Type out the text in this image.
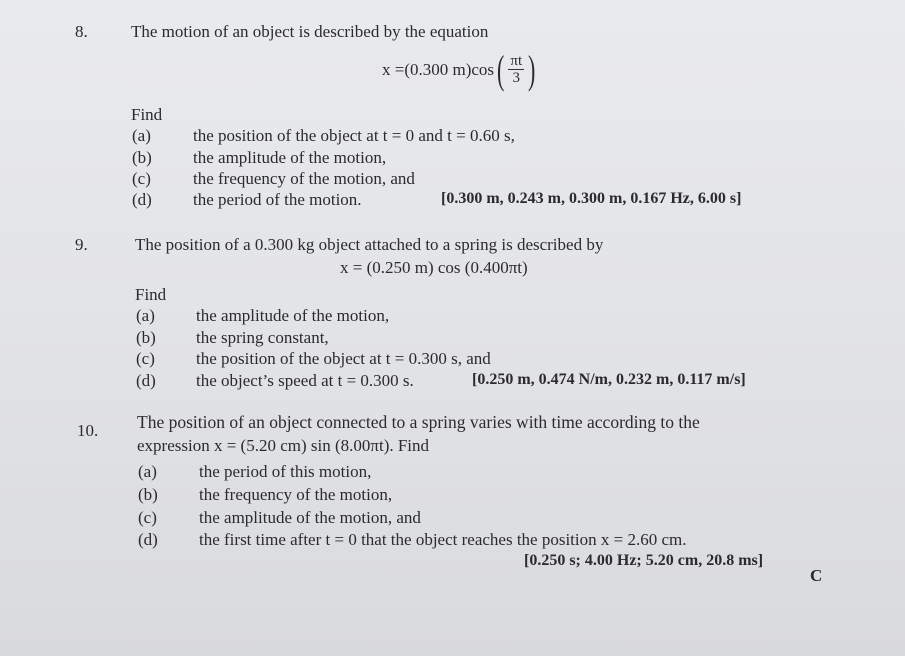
8.	The motion of an object is described by the equation
x = (0.300 m) cos ( $\frac{\pi t}{3}$ )
Find
(a) the position of the object at t = 0 and t = 0.60 s,
(b) the amplitude of the motion,
(c) the frequency of the motion, and
(d) the period of the motion.	[0.300 m, 0.243 m, 0.300 m, 0.167 Hz, 6.00 s]
9.	The position of a 0.300 kg object attached to a spring is described by
x = (0.250 m) cos (0.400πt)
Find
(a) the amplitude of the motion,
(b) the spring constant,
(c) the position of the object at t = 0.300 s, and
(d) the object’s speed at t = 0.300 s.	[0.250 m, 0.474 N/m, 0.232 m, 0.117 m/s]
10. The position of an object connected to a spring varies with time according to the
expression x = (5.20 cm) sin (8.00πt). Find
(a) the period of this motion,
(b) the frequency of the motion,
(c) the amplitude of the motion, and
(d) the first time after t = 0 that the object reaches the position x = 2.60 cm.
[0.250 s; 4.00 Hz; 5.20 cm, 20.8 ms]
C
